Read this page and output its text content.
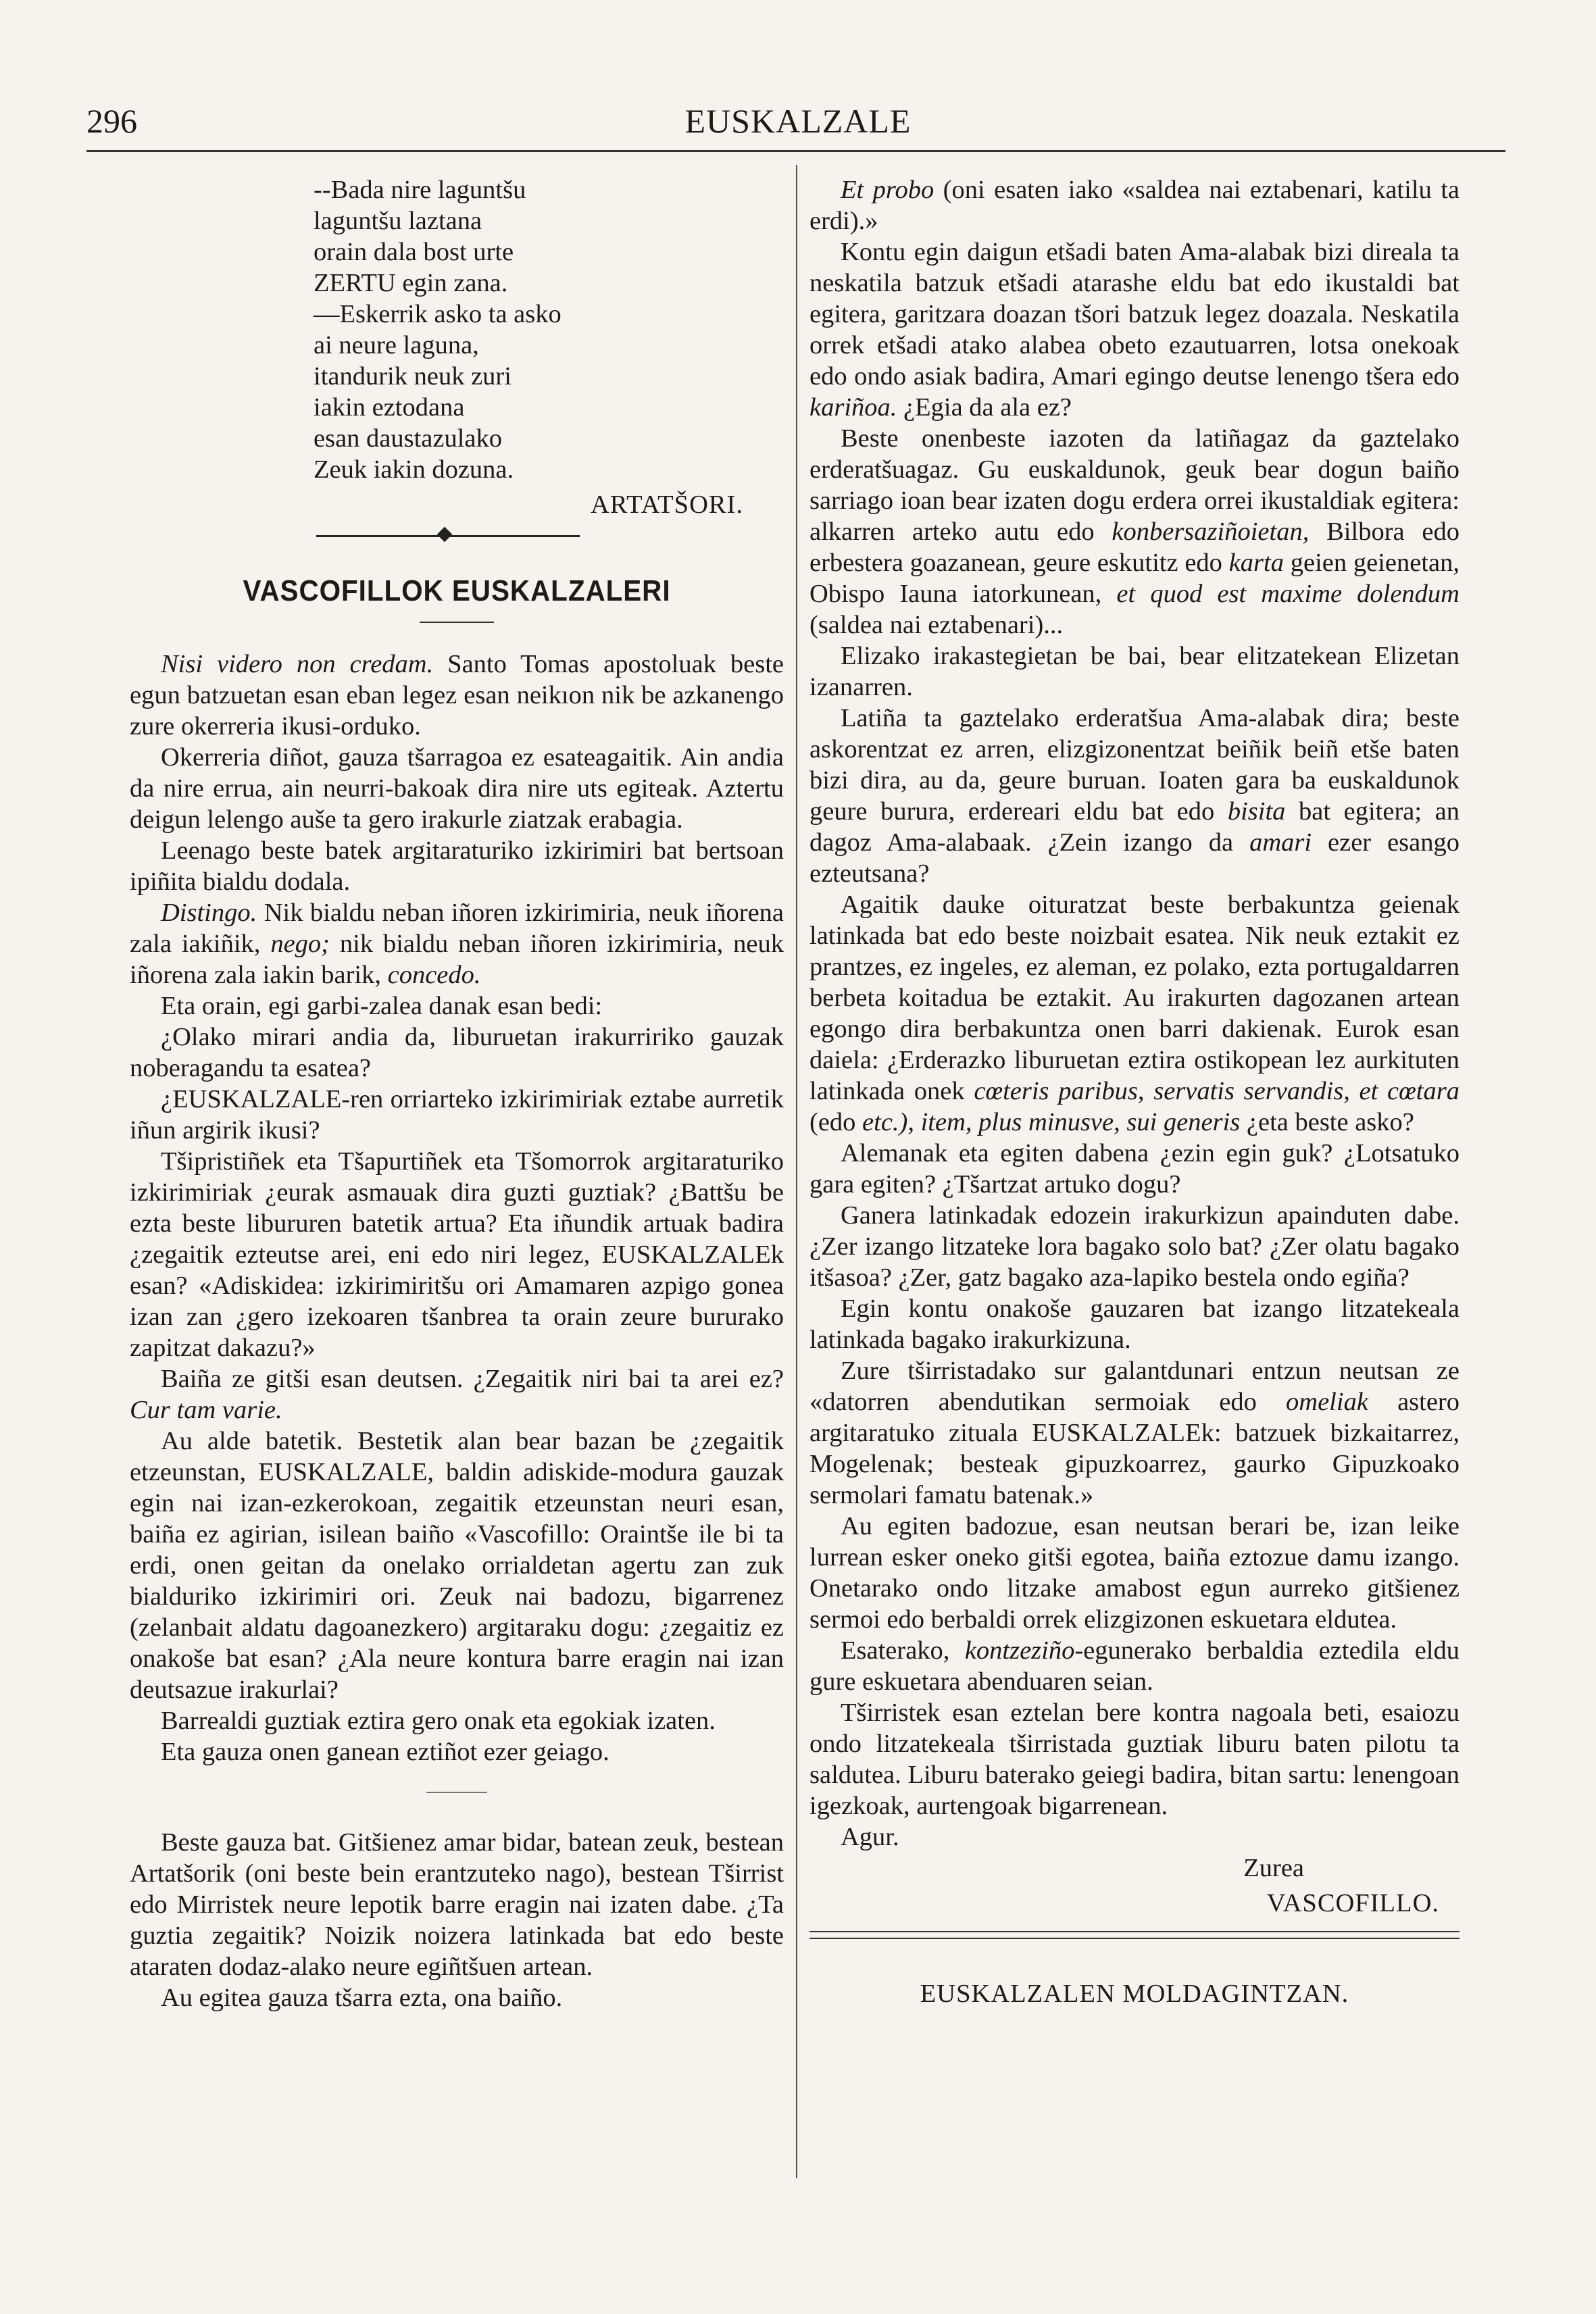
EUSKALZALE
296

--Bada nire laguntšu

laguntšu laztana

orain dala bost urte

ZERTU egin zana.

—Eskerrik asko ta asko

ai neure laguna,

itandurik neuk zuri

iakin eztodana

esan daustazulako

Zeuk iakin dozuna.

ARTATŠORI.
VASCOFILLOK EUSKALZALERI

Nisi videro non credam. Santo Tomas apostoluak beste egun batzuetan esan eban legez esan neikıon nik be azkanengo zure okerreria ikusi-orduko.

Okerreria diñot, gauza tšarragoa ez esateagaitik. Ain andia da nire errua, ain neurri-bakoak dira nire uts egiteak. Aztertu deigun lelengo auše ta gero irakurle ziatzak erabagia.

Leenago beste batek argitaraturiko izkirimiri bat bertsoan ipiñita bialdu dodala.

Distingo. Nik bialdu neban iñoren izkirimiria, neuk iñorena zala iakiñik, nego; nik bialdu neban iñoren izkirimiria, neuk iñorena zala iakin barik, concedo.

Eta orain, egi garbi-zalea danak esan bedi:

¿Olako mirari andia da, liburuetan irakurririko gauzak noberagandu ta esatea?

¿EUSKALZALE-ren orriarteko izkirimiriak eztabe aurretik iñun argirik ikusi?

Tšipristiñek eta Tšapurtiñek eta Tšomorrok argitaraturiko izkirimiriak ¿eurak asmauak dira guzti guztiak? ¿Battšu be ezta beste libururen batetik artua? Eta iñundik artuak badira ¿zegaitik ezteutse arei, eni edo niri legez, EUSKALZALEk esan? «Adiskidea: izkirimiritšu ori Amamaren azpigo gonea izan zan ¿gero izekoaren tšanbrea ta orain zeure bururako zapitzat dakazu?»

Baiña ze gitši esan deutsen. ¿Zegaitik niri bai ta arei ez? Cur tam varie.

Au alde batetik. Bestetik alan bear bazan be ¿zegaitik etzeunstan, EUSKALZALE, baldin adiskide-modura gauzak egin nai izan-ezkerokoan, zegaitik etzeunstan neuri esan, baiña ez agirian, isilean baiño «Vascofillo: Oraintše ile bi ta erdi, onen geitan da onelako orrialdetan agertu zan zuk bialduriko izkirimiri ori. Zeuk nai badozu, bigarrenez (zelanbait aldatu dagoanezkero) argitaraku dogu: ¿zegaitiz ez onakoše bat esan? ¿Ala neure kontura barre eragin nai izan deutsazue irakurlai?

Barrealdi guztiak eztira gero onak eta egokiak izaten.

Eta gauza onen ganean eztiñot ezer geiago.

Beste gauza bat. Gitšienez amar bidar, batean zeuk, bestean Artatšorik (oni beste bein erantzuteko nago), bestean Tširrist edo Mirristek neure lepotik barre eragin nai izaten dabe. ¿Ta guztia zegaitik? Noizik noizera latinkada bat edo beste ataraten dodaz-alako neure egiñtšuen artean.

Au egitea gauza tšarra ezta, ona baiño.

Et probo (oni esaten iako «saldea nai eztabenari, katilu ta erdi).»

Kontu egin daigun etšadi baten Ama-alabak bizi direala ta neskatila batzuk etšadi atarashe eldu bat edo ikustaldi bat egitera, garitzara doazan tšori batzuk legez doazala. Neskatila orrek etšadi atako alabea obeto ezautuarren, lotsa onekoak edo ondo asiak badira, Amari egingo deutse lenengo tšera edo kariñoa. ¿Egia da ala ez?

Beste onenbeste iazoten da latiñagaz da gaztelako erderatšuagaz. Gu euskaldunok, geuk bear dogun baiño sarriago ioan bear izaten dogu erdera orrei ikustaldiak egitera: alkarren arteko autu edo konbersaziñoietan, Bilbora edo erbestera goazanean, geure eskutitz edo karta geien geienetan, Obispo Iauna iatorkunean, et quod est maxime dolendum (saldea nai eztabenari)...

Elizako irakastegietan be bai, bear elitzatekean Elizetan izanarren.

Latiña ta gaztelako erderatšua Ama-alabak dira; beste askorentzat ez arren, elizgizonentzat beiñik beiñ etše baten bizi dira, au da, geure buruan. Ioaten gara ba euskaldunok geure burura, erdereari eldu bat edo bisita bat egitera; an dagoz Ama-alabaak. ¿Zein izango da amari ezer esango ezteutsana?

Agaitik dauke oituratzat beste berbakuntza geienak latinkada bat edo beste noizbait esatea. Nik neuk eztakit ez prantzes, ez ingeles, ez aleman, ez polako, ezta portugaldarren berbeta koitadua be eztakit. Au irakurten dagozanen artean egongo dira berbakuntza onen barri dakienak. Eurok esan daiela: ¿Erderazko liburuetan eztira ostikopean lez aurkituten latinkada onek cœteris paribus, servatis servandis, et cœtara (edo etc.), item, plus minusve, sui generis ¿eta beste asko?

Alemanak eta egiten dabena ¿ezin egin guk? ¿Lotsatuko gara egiten? ¿Tšartzat artuko dogu?

Ganera latinkadak edozein irakurkizun apainduten dabe. ¿Zer izango litzateke lora bagako solo bat? ¿Zer olatu bagako itšasoa? ¿Zer, gatz bagako aza-lapiko bestela ondo egiña?

Egin kontu onakoše gauzaren bat izango litzatekeala latinkada bagako irakurkizuna.

Zure tširristadako sur galantdunari entzun neutsan ze «datorren abendutikan sermoiak edo omeliak astero argitaratuko zituala EUSKALZALEk: batzuek bizkaitarrez, Mogelenak; besteak gipuzkoarrez, gaurko Gipuzkoako sermolari famatu batenak.»

Au egiten badozue, esan neutsan berari be, izan leike lurrean esker oneko gitši egotea, baiña eztozue damu izango. Onetarako ondo litzake amabost egun aurreko gitšienez sermoi edo berbaldi orrek elizgizonen eskuetara eldutea.

Esaterako, kontzeziño-egunerako berbaldia eztedila eldu gure eskuetara abenduaren seian.

Tširristek esan eztelan bere kontra nagoala beti, esaiozu ondo litzatekeala tširristada guztiak liburu baten pilotu ta saldutea. Liburu baterako geiegi badira, bitan sartu: lenengoan igezkoak, aurtengoak bigarrenean.

Agur.

Zurea

VASCOFILLO.
EUSKALZALEN MOLDAGINTZAN.
